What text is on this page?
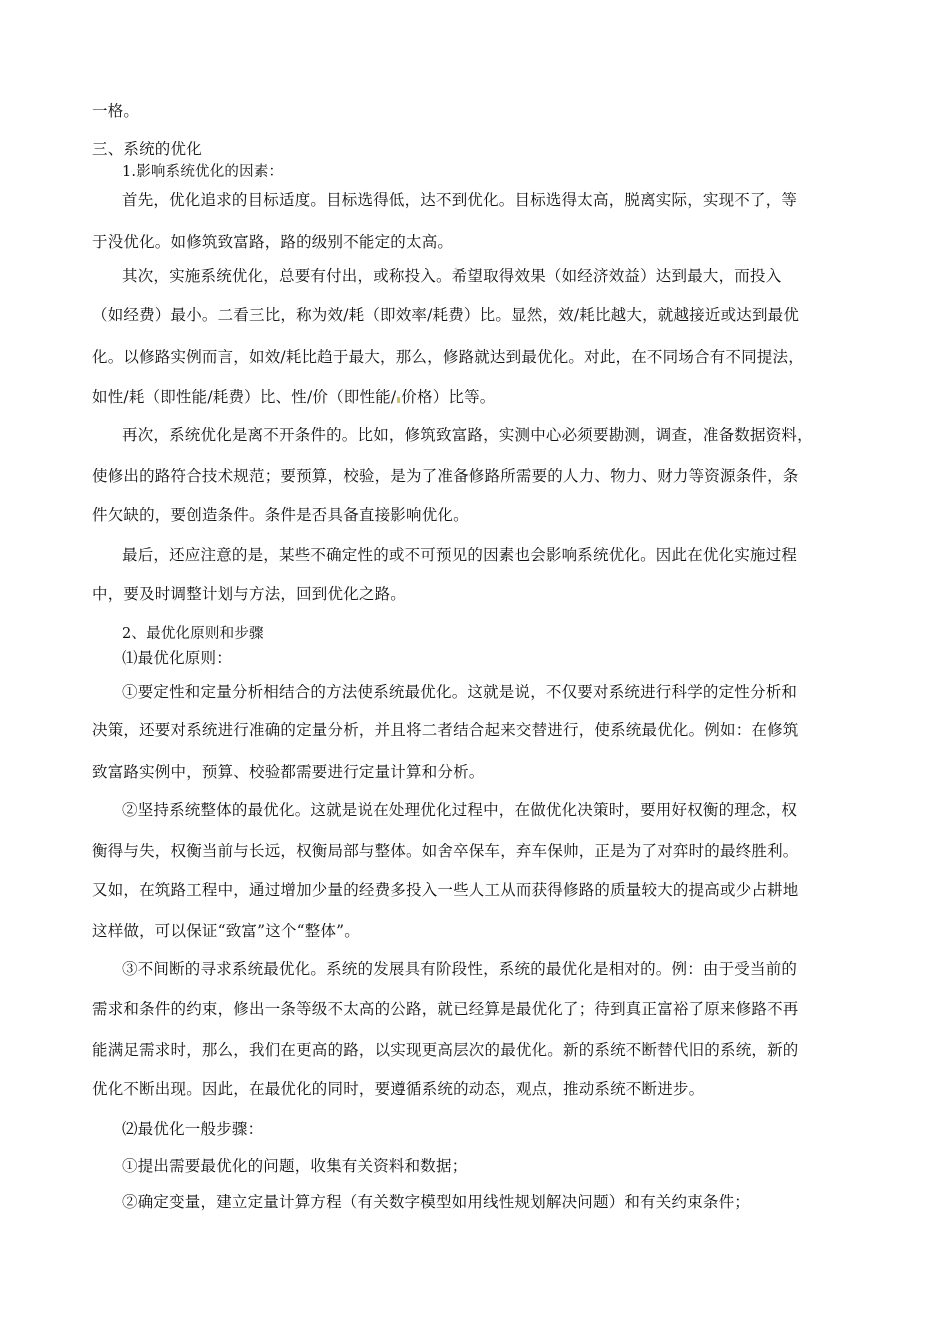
一格。
三、系统的优化
1.影响系统优化的因素：
首先，优化追求的目标适度。目标选得低，达不到优化。目标选得太高，脱离实际，实现不了，等
于没优化。如修筑致富路，路的级别不能定的太高。
其次，实施系统优化，总要有付出，或称投入。希望取得效果（如经济效益）达到最大，而投入
（如经费）最小。二看三比，称为效/耗（即效率/耗费）比。显然，效/耗比越大，就越接近或达到最优
化。以修路实例而言，如效/耗比趋于最大，那么，修路就达到最优化。对此，在不同场合有不同提法，
如性/耗（即性能/耗费）比、性/价（即性能/ 价格）比等。
再次，系统优化是离不开条件的。比如，修筑致富路，实测中心必须要勘测，调查，准备数据资料，
使修出的路符合技术规范；要预算，校验，是为了准备修路所需要的人力、物力、财力等资源条件，条
件欠缺的，要创造条件。条件是否具备直接影响优化。
最后，还应注意的是，某些不确定性的或不可预见的因素也会影响系统优化。因此在优化实施过程
中，要及时调整计划与方法，回到优化之路。
2、最优化原则和步骤
⑴最优化原则：
①要定性和定量分析相结合的方法使系统最优化。这就是说，不仅要对系统进行科学的定性分析和
决策，还要对系统进行准确的定量分析，并且将二者结合起来交替进行，使系统最优化。例如：在修筑
致富路实例中，预算、校验都需要进行定量计算和分析。
②坚持系统整体的最优化。这就是说在处理优化过程中，在做优化决策时，要用好权衡的理念，权
衡得与失，权衡当前与长远，权衡局部与整体。如舍卒保车，弃车保帅，正是为了对弈时的最终胜利。
又如，在筑路工程中，通过增加少量的经费多投入一些人工从而获得修路的质量较大的提高或少占耕地
这样做，可以保证“致富”这个“整体”。
③不间断的寻求系统最优化。系统的发展具有阶段性，系统的最优化是相对的。例：由于受当前的
需求和条件的约束，修出一条等级不太高的公路，就已经算是最优化了；待到真正富裕了原来修路不再
能满足需求时，那么，我们在更高的路，以实现更高层次的最优化。新的系统不断替代旧的系统，新的
优化不断出现。因此，在最优化的同时，要遵循系统的动态，观点，推动系统不断进步。
⑵最优化一般步骤：
①提出需要最优化的问题，收集有关资料和数据；
②确定变量，建立定量计算方程（有关数字模型如用线性规划解决问题）和有关约束条件；
